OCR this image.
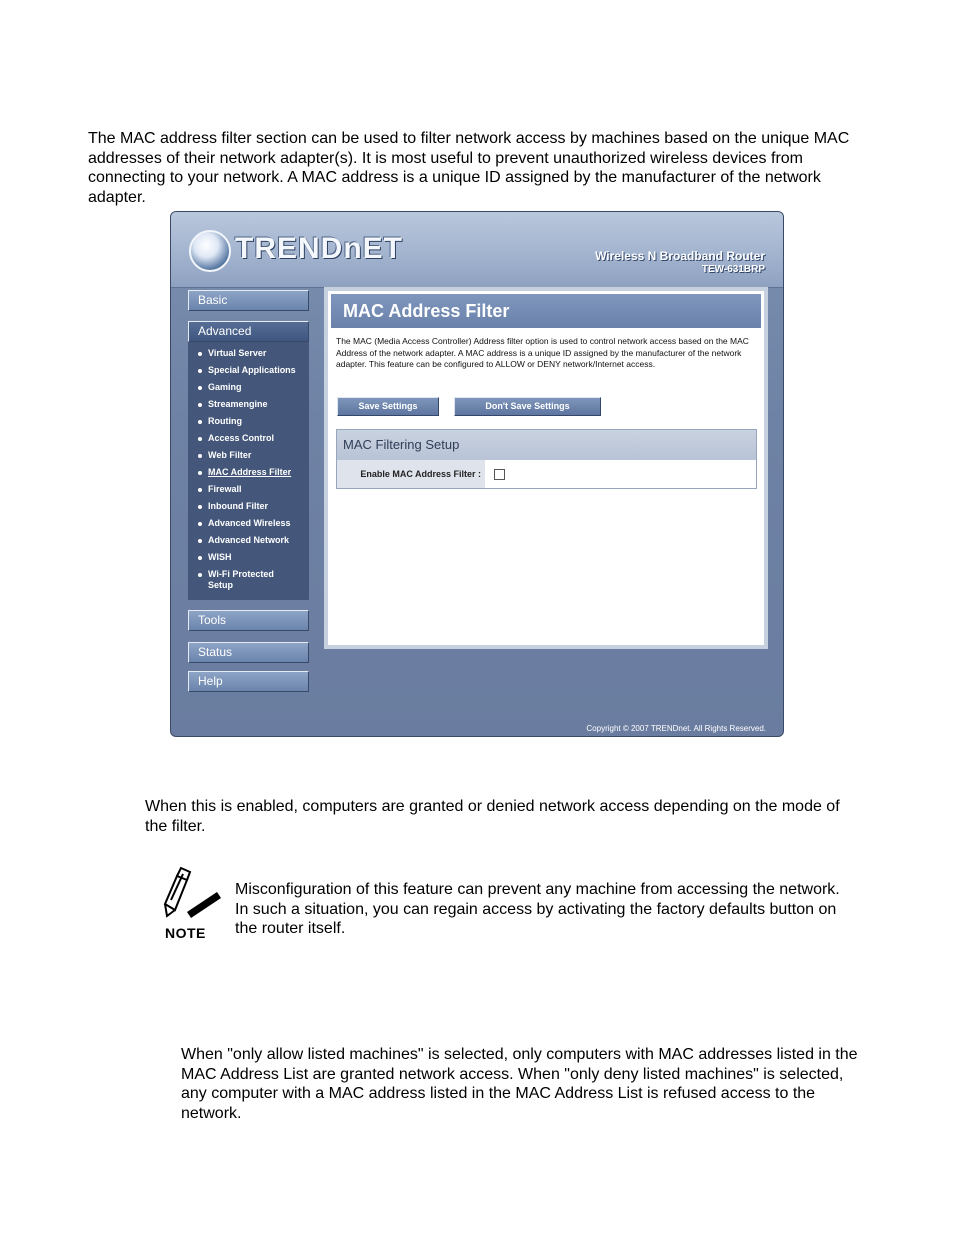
The MAC address filter section can be used to filter network access by machines based on the unique MAC addresses of their network adapter(s). It is most useful to prevent unauthorized wireless devices from connecting to your network. A MAC address is a unique ID assigned by the manufacturer of the network adapter.

TRENDnET	Wireless N Broadband Router
TEW-631BRP
Basic
Advanced
Virtual Server
Special Applications
Gaming
Streamengine
Routing
Access Control
Web Filter
MAC Address Filter
Firewall
Inbound Filter
Advanced Wireless
Advanced Network
WISH
Wi-Fi Protected Setup
Tools
Status
Help
MAC Address Filter
The MAC (Media Access Controller) Address filter option is used to control network access based on the MAC Address of the network adapter. A MAC address is a unique ID assigned by the manufacturer of the network adapter. This feature can be configured to ALLOW or DENY network/Internet access.
Save Settings	Don't Save Settings
MAC Filtering Setup
Enable MAC Address Filter :
Copyright © 2007 TRENDnet. All Rights Reserved.

When this is enabled, computers are granted or denied network access depending on the mode of the filter.

NOTE

Misconfiguration of this feature can prevent any machine from accessing the network. In such a situation, you can regain access by activating the factory defaults button on the router itself.

When "only allow listed machines" is selected, only computers with MAC addresses listed in the MAC Address List are granted network access. When "only deny listed machines" is selected, any computer with a MAC address listed in the MAC Address List is refused access to the network.
